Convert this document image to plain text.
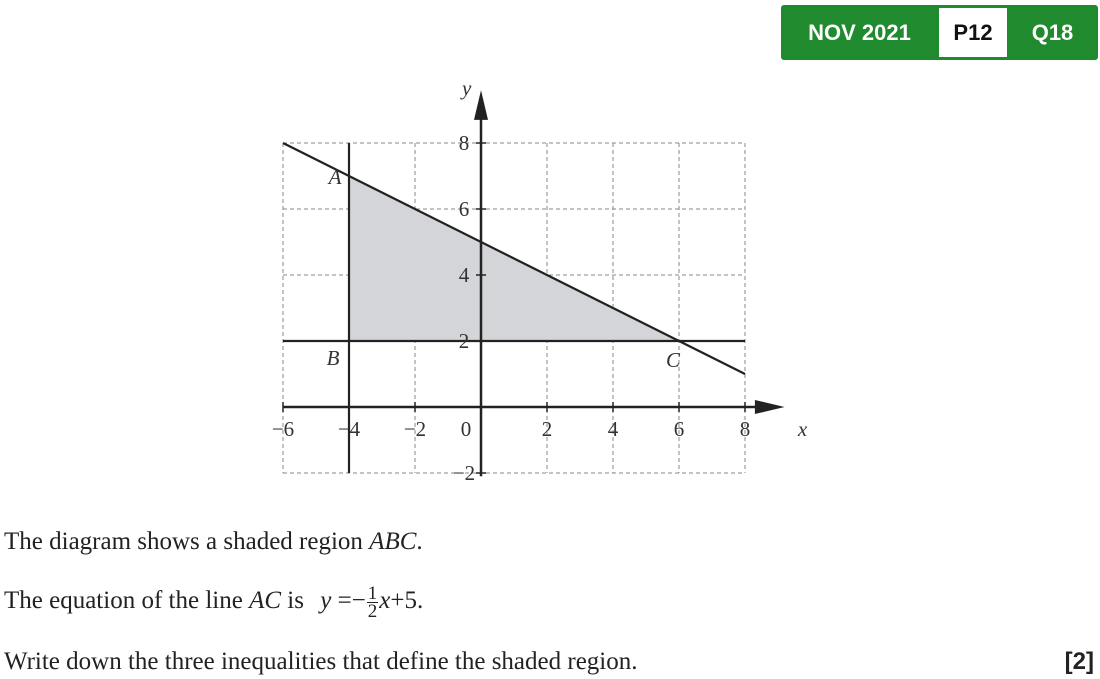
NOV 2021	P12	Q18
−6 −4 −2 0	2	4	6	8
8
6
4
2
−2
x
y
A
B	C
The diagram shows a shaded region ABC.
The equation of the line AC is $y =- \frac{1}{2} x+5$.
Write down the three inequalities that define the shaded region.	[2]
